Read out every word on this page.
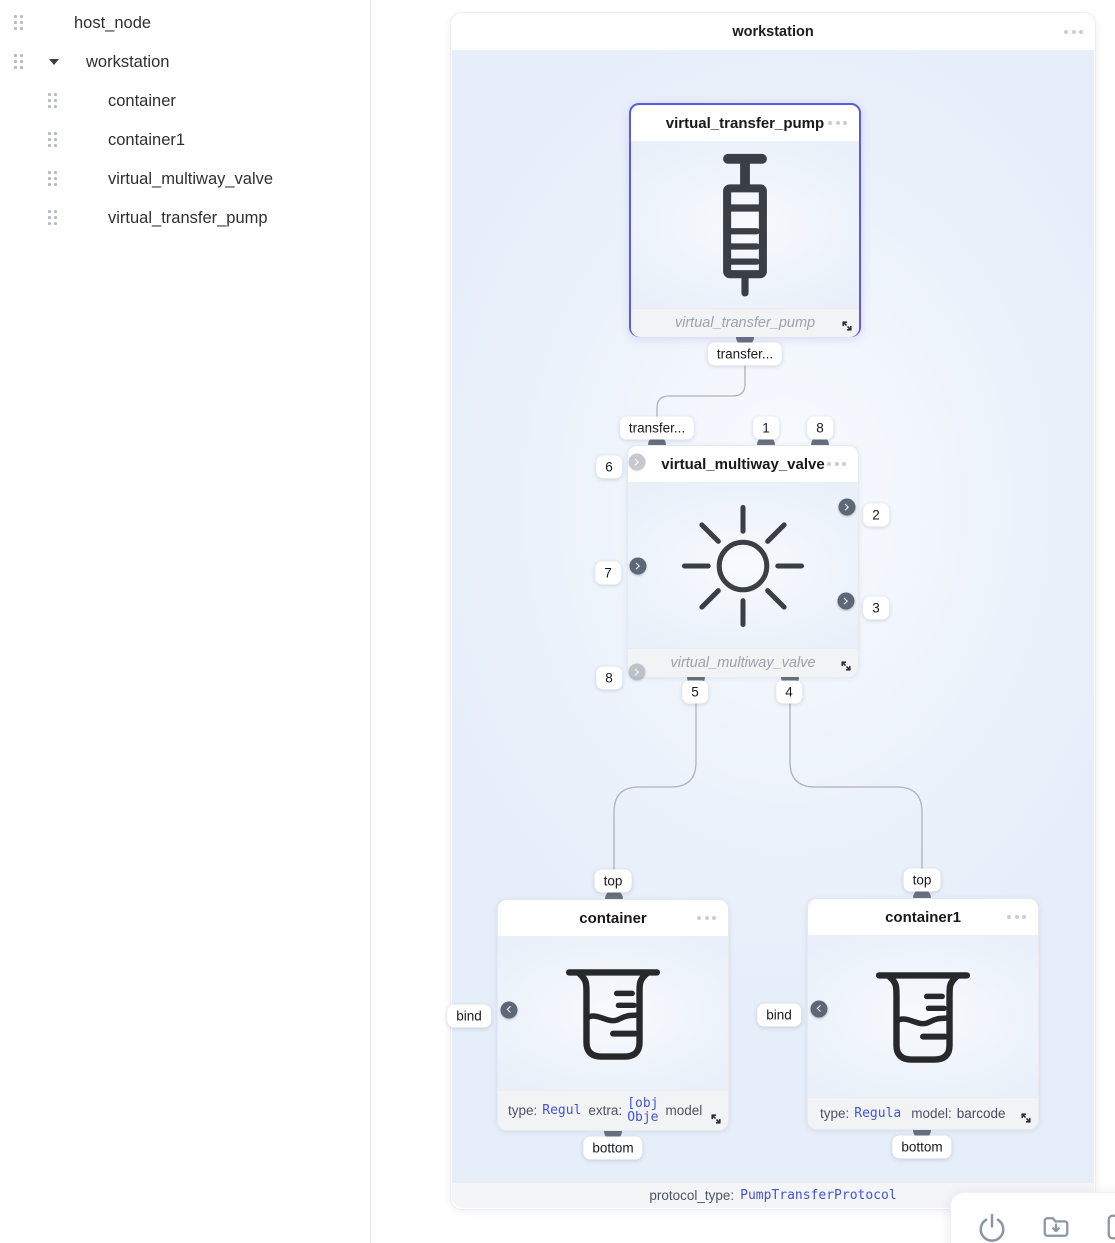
workstation
protocol_type: PumpTransferProtocol
virtual_transfer_pump
virtual_transfer_pump
virtual_multiway_valve
virtual_multiway_valve
container
type: Regul extra: [obj
Obje model
container1
type: Regula model: barcode
transfer...
transfer...	1	8
6
7
8
2
3
5	4
top
bind
bottom
top
bind
bottom
host_node
workstation
container
container1
virtual_multiway_valve
virtual_transfer_pump
